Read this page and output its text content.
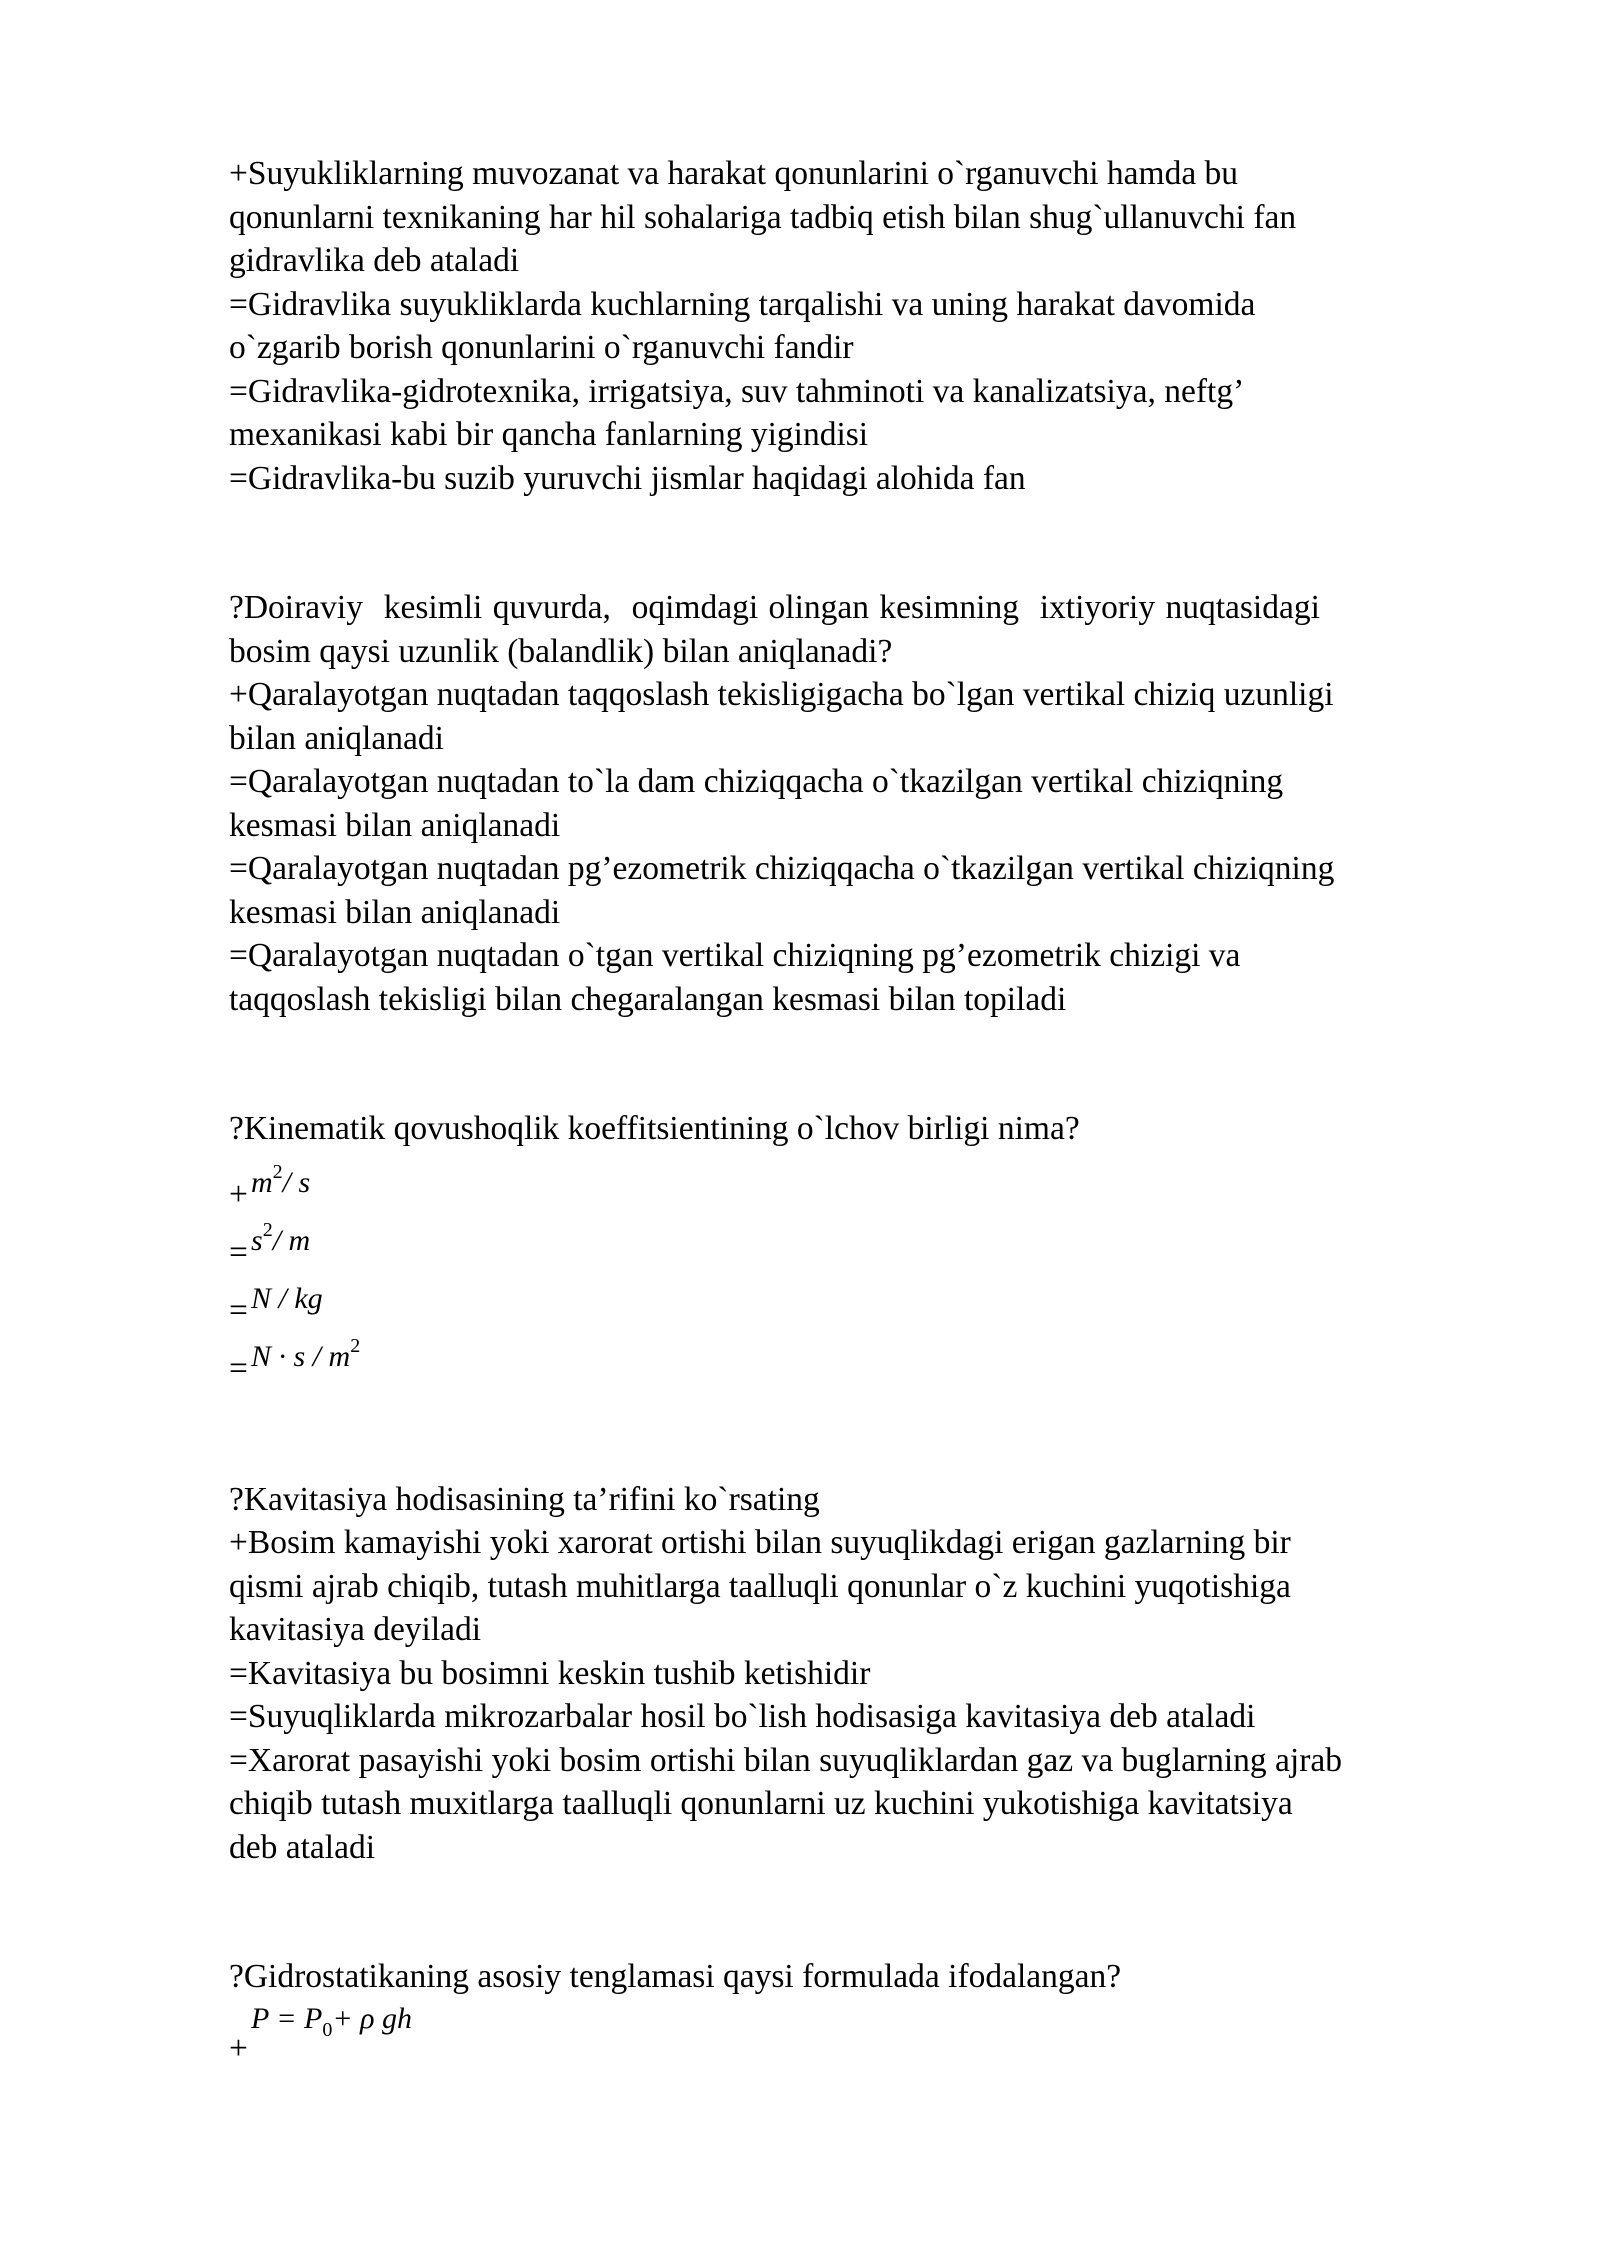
+Suyukliklarning muvozanat va harakat qonunlarini o`rganuvchi hamda bu
qonunlarni texnikaning har hil sohalariga tadbiq etish bilan shug`ullanuvchi fan
gidravlika deb ataladi
=Gidravlika suyukliklarda kuchlarning tarqalishi va uning harakat davomida
o`zgarib borish qonunlarini o`rganuvchi fandir
=Gidravlika-gidrotexnika, irrigatsiya, suv tahminoti va kanalizatsiya, neftg’
mexanikasi kabi bir qancha fanlarning yigindisi
=Gidravlika-bu suzib yuruvchi jismlar haqidagi alohida fan
?Doiraviy  kesimli quvurda,  oqimdagi olingan kesimning  ixtiyoriy nuqtasidagi
bosim qaysi uzunlik (balandlik) bilan aniqlanadi?
+Qaralayotgan nuqtadan taqqoslash tekisligigacha bo`lgan vertikal chiziq uzunligi
bilan aniqlanadi
=Qaralayotgan nuqtadan to`la dam chiziqqacha o`tkazilgan vertikal chiziqning
kesmasi bilan aniqlanadi
=Qaralayotgan nuqtadan pg’ezometrik chiziqqacha o`tkazilgan vertikal chiziqning
kesmasi bilan aniqlanadi
=Qaralayotgan nuqtadan o`tgan vertikal chiziqning pg’ezometrik chizigi va
taqqoslash tekisligi bilan chegaralangan kesmasi bilan topiladi
?Kinematik qovushoqlik koeffitsientining o`lchov birligi nima?
+ $m^2/$ s
= $s^2/$ m
= N / kg
= $N \cdot s / m^2$
?Kavitasiya hodisasining ta’rifini ko`rsating
+Bosim kamayishi yoki xarorat ortishi bilan suyuqlikdagi erigan gazlarning bir
qismi ajrab chiqib, tutash muhitlarga taalluqli qonunlar o`z kuchini yuqotishiga
kavitasiya deyiladi
=Kavitasiya bu bosimni keskin tushib ketishidir
=Suyuqliklarda mikrozarbalar hosil bo`lish hodisasiga kavitasiya deb ataladi
=Xarorat pasayishi yoki bosim ortishi bilan suyuqliklardan gaz va buglarning ajrab
chiqib tutash muxitlarga taalluqli qonunlarni uz kuchini yukotishiga kavitatsiya
deb ataladi
?Gidrostatikaning asosiy tenglamasi qaysi formulada ifodalangan?
$P = P_0+ \rho$ gh
+
